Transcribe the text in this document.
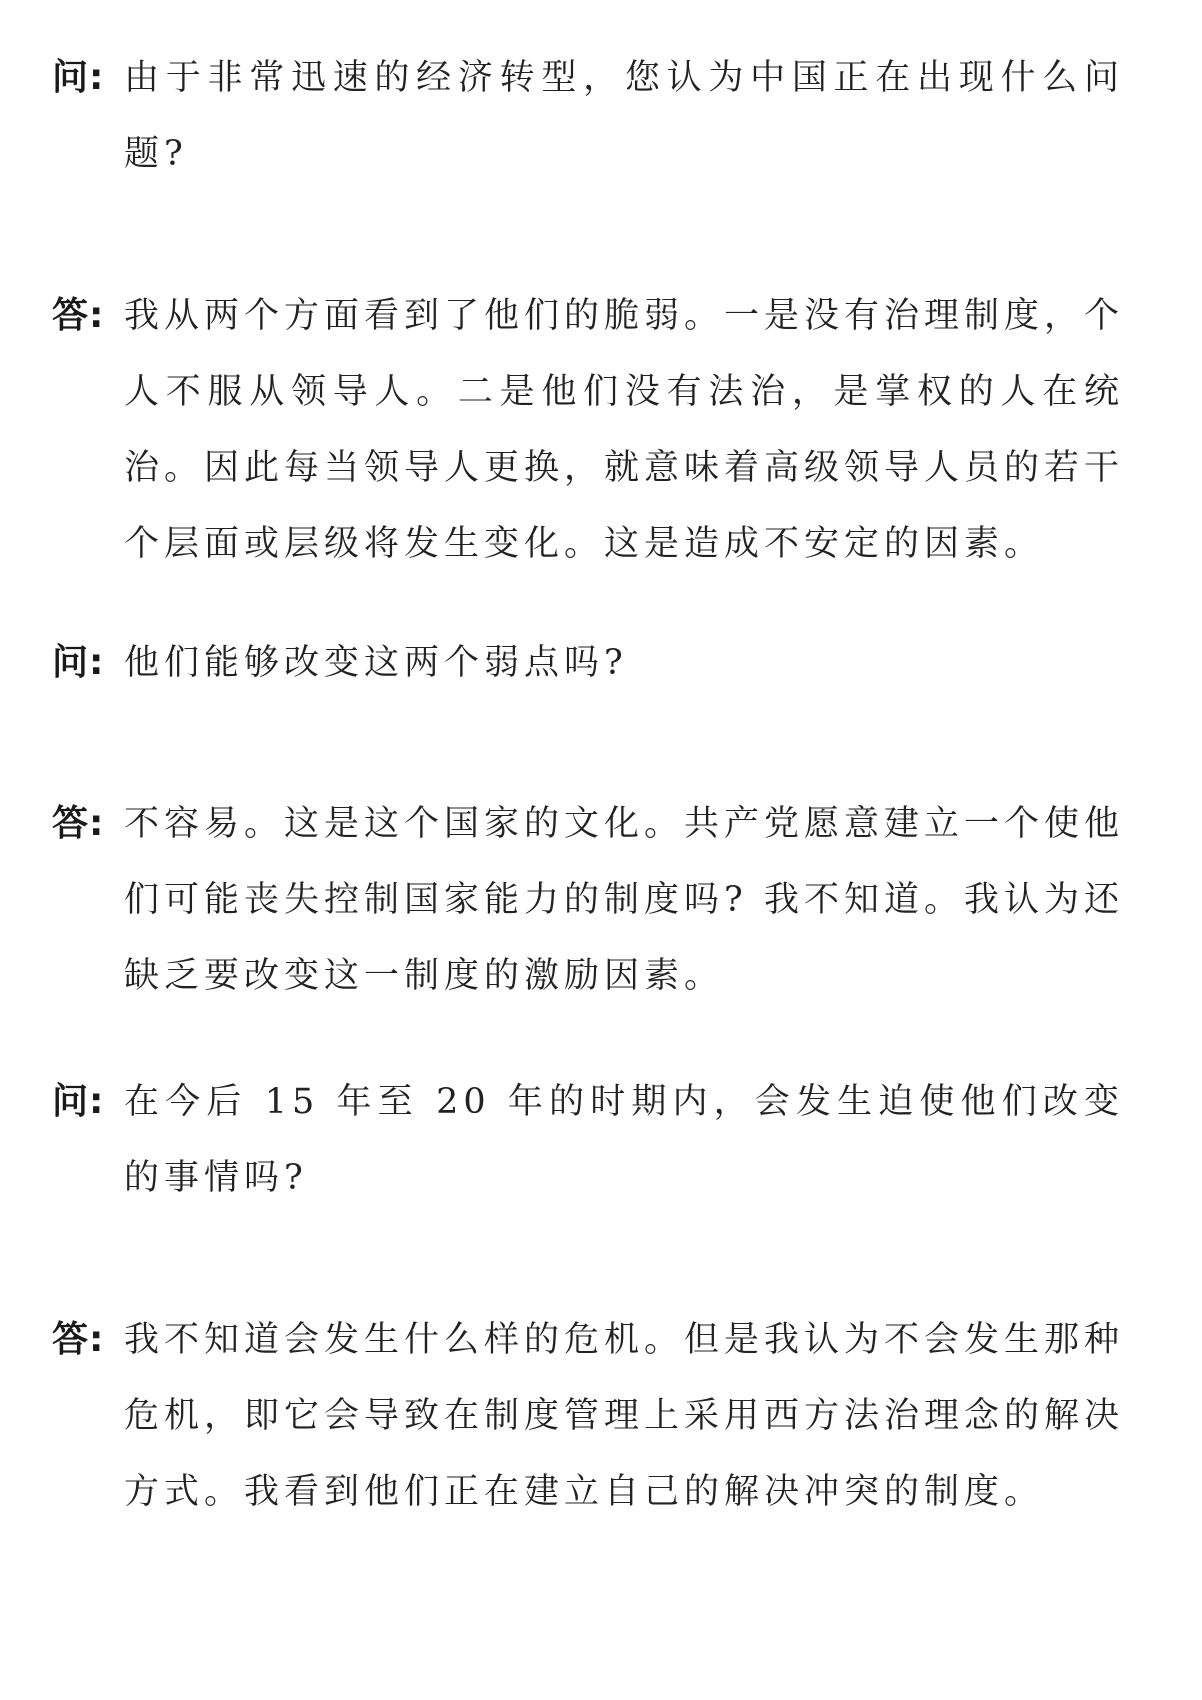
问: 由于非常迅速的经济转型，您认为中国正在出现什么问题?
答: 我从两个方面看到了他们的脆弱。一是没有治理制度，个人不服从领导人。二是他们没有法治，是掌权的人在统治。因此每当领导人更换，就意味着高级领导人员的若干个层面或层级将发生变化。这是造成不安定的因素。
问: 他们能够改变这两个弱点吗?
答: 不容易。这是这个国家的文化。共产党愿意建立一个使他们可能丧失控制国家能力的制度吗? 我不知道。我认为还缺乏要改变这一制度的激励因素。
问: 在今后 15 年至 20 年的时期内，会发生迫使他们改变的事情吗?
答: 我不知道会发生什么样的危机。但是我认为不会发生那种危机，即它会导致在制度管理上采用西方法治理念的解决方式。我看到他们正在建立自己的解决冲突的制度。
